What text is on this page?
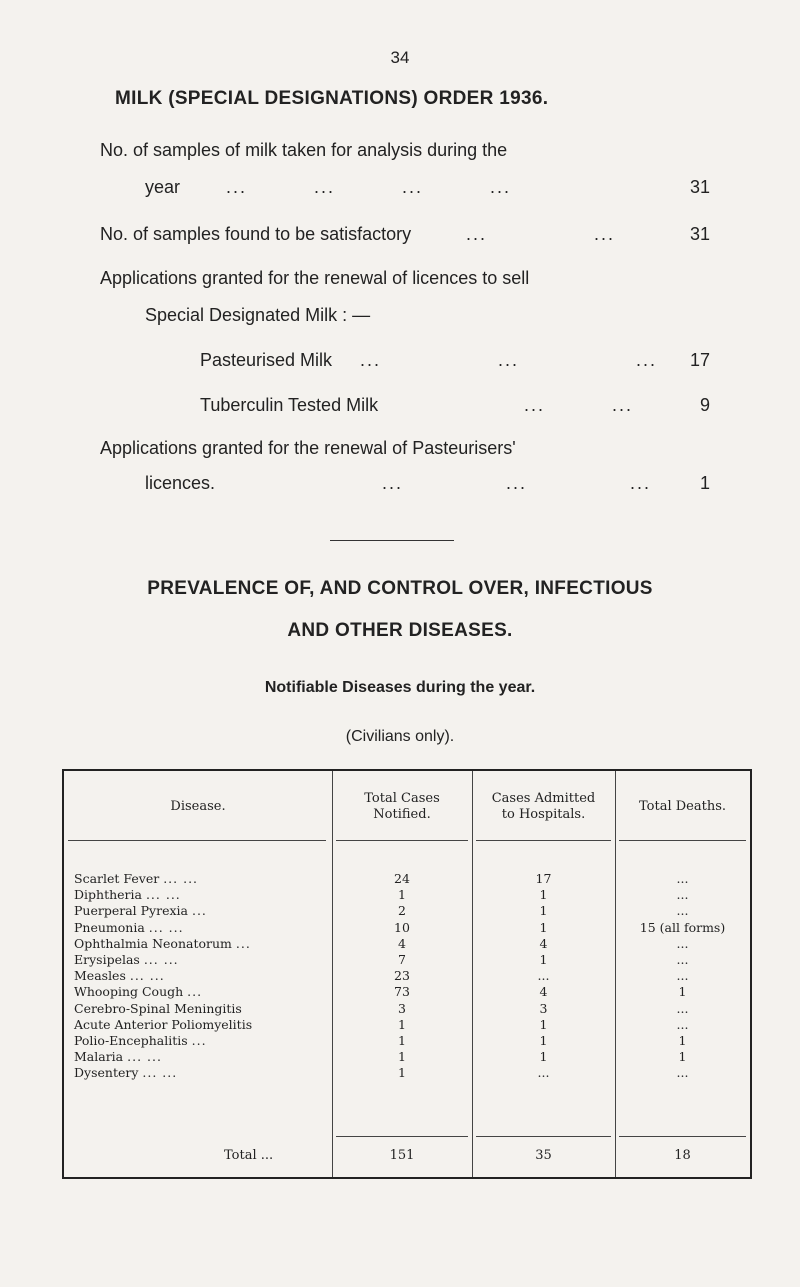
34
MILK (SPECIAL DESIGNATIONS) ORDER 1936.
No. of samples of milk taken for analysis during the
year	... ... ... ...	31
No. of samples found to be satisfactory	... ...	31
Applications granted for the renewal of licences to sell
Special Designated Milk : —
Pasteurised Milk ... ... ...	17
Tuberculin Tested Milk	... ...	9
Applications granted for the renewal of Pasteurisers'
licences.	... ... ...	1
PREVALENCE OF, AND CONTROL OVER, INFECTIOUS
AND OTHER DISEASES.
Notifiable Diseases during the year.
(Civilians only).
Disease.
Total Cases
Notified.
Cases Admitted
to Hospitals.
Total Deaths.
Scarlet Fever ... ...	24	17	...
Diphtheria ... ...	1	1	...
Puerperal Pyrexia ...	2	1	...
Pneumonia ... ...	10	1	15 (all forms)
Ophthalmia Neonatorum ...	4	4	...
Erysipelas ... ...	7	1	...
Measles ... ...	23	...	...
Whooping Cough ...	73	4	1
Cerebro-Spinal Meningitis	3	3	...
Acute Anterior Poliomyelitis	1	1	...
Polio-Encephalitis ...	1	1	1
Malaria ... ...	1	1	1
Dysentery ... ...	1	...	...
Total ...	151	35	18
